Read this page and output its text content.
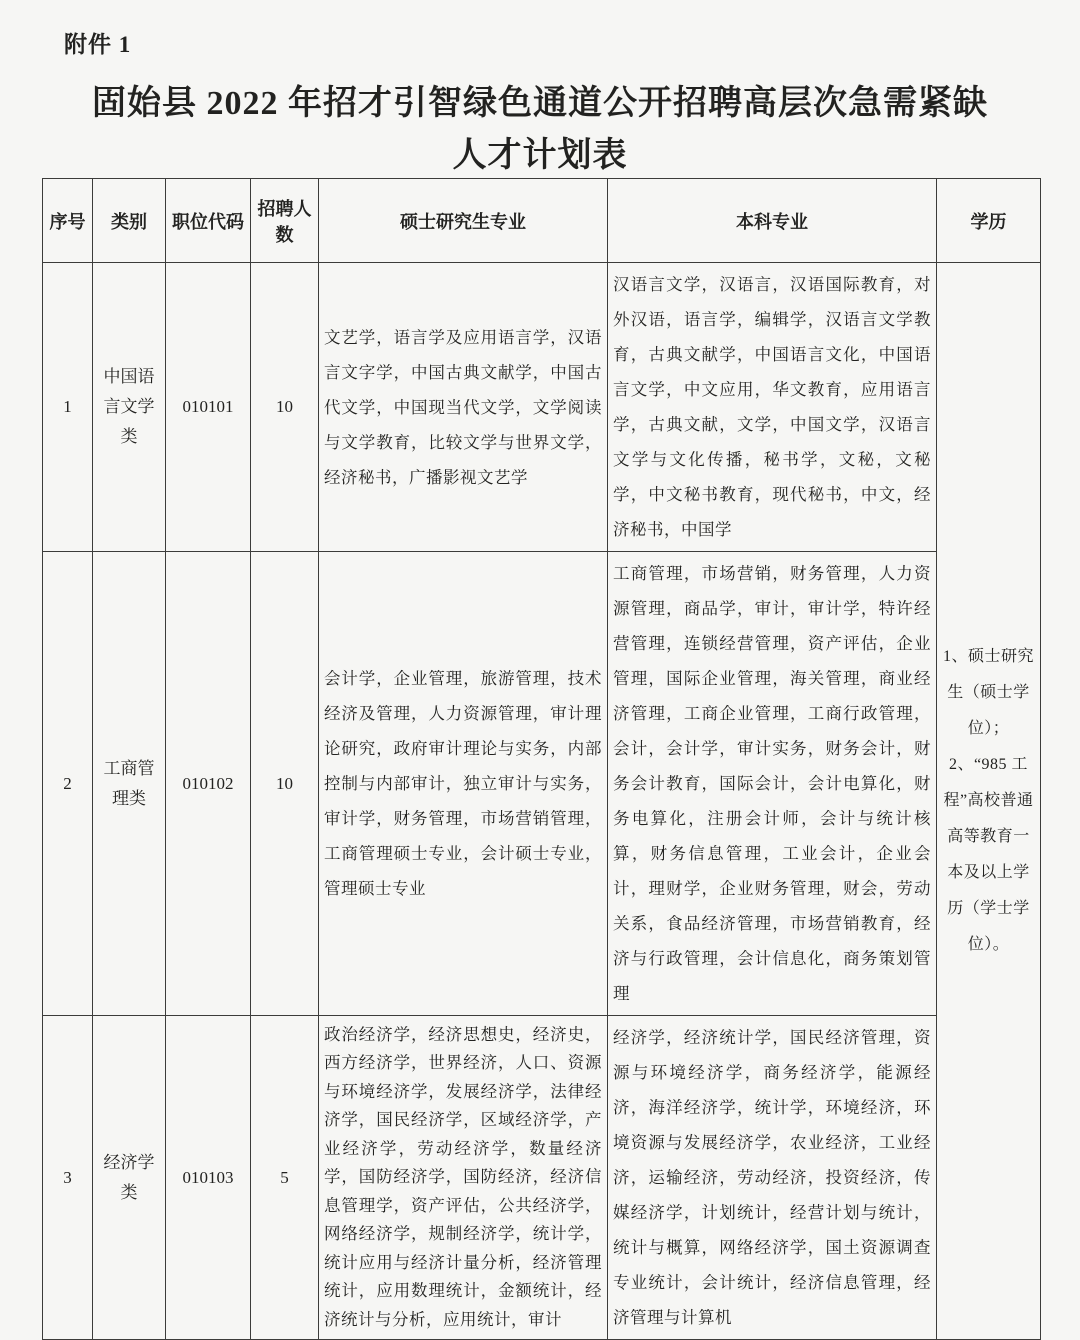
附件 1
固始县 2022 年招才引智绿色通道公开招聘高层次急需紧缺
人才计划表
序号	类别	职位代码	招聘人数	硕士研究生专业	本科专业	学历
1	中国语言文学类	010101	10	文艺学，语言学及应用语言学，汉语言文字学，中国古典文献学，中国古代文学，中国现当代文学，文学阅读与文学教育，比较文学与世界文学，经济秘书，广播影视文艺学	汉语言文学，汉语言，汉语国际教育，对外汉语，语言学，编辑学，汉语言文学教育，古典文献学，中国语言文化，中国语言文学，中文应用，华文教育，应用语言学，古典文献，文学，中国文学，汉语言文学与文化传播，秘书学，文秘，文秘学，中文秘书教育，现代秘书，中文，经济秘书，中国学	1、硕士研究生（硕士学位）；
2、“985 工程”高校普通高等教育一本及以上学历（学士学位）。

2	工商管理类	010102	10	会计学，企业管理，旅游管理，技术经济及管理，人力资源管理，审计理论研究，政府审计理论与实务，内部控制与内部审计，独立审计与实务，审计学，财务管理，市场营销管理，工商管理硕士专业，会计硕士专业，管理硕士专业	工商管理，市场营销，财务管理，人力资源管理，商品学，审计，审计学，特许经营管理，连锁经营管理，资产评估，企业管理，国际企业管理，海关管理，商业经济管理，工商企业管理，工商行政管理，会计，会计学，审计实务，财务会计，财务会计教育，国际会计，会计电算化，财务电算化，注册会计师，会计与统计核算，财务信息管理，工业会计，企业会计，理财学，企业财务管理，财会，劳动关系，食品经济管理，市场营销教育，经济与行政管理，会计信息化，商务策划管理	
3	经济学类	010103	5	政治经济学，经济思想史，经济史，西方经济学，世界经济，人口、资源与环境经济学，发展经济学，法律经济学，国民经济学，区域经济学，产业经济学，劳动经济学，数量经济学，国防经济学，国防经济，经济信息管理学，资产评估，公共经济学，网络经济学，规制经济学，统计学，统计应用与经济计量分析，经济管理统计，应用数理统计，金额统计，经济统计与分析，应用统计，审计	经济学，经济统计学，国民经济管理，资源与环境经济学，商务经济学，能源经济，海洋经济学，统计学，环境经济，环境资源与发展经济学，农业经济，工业经济，运输经济，劳动经济，投资经济，传媒经济学，计划统计，经营计划与统计，统计与概算，网络经济学，国土资源调查专业统计，会计统计，经济信息管理，经济管理与计算机	
